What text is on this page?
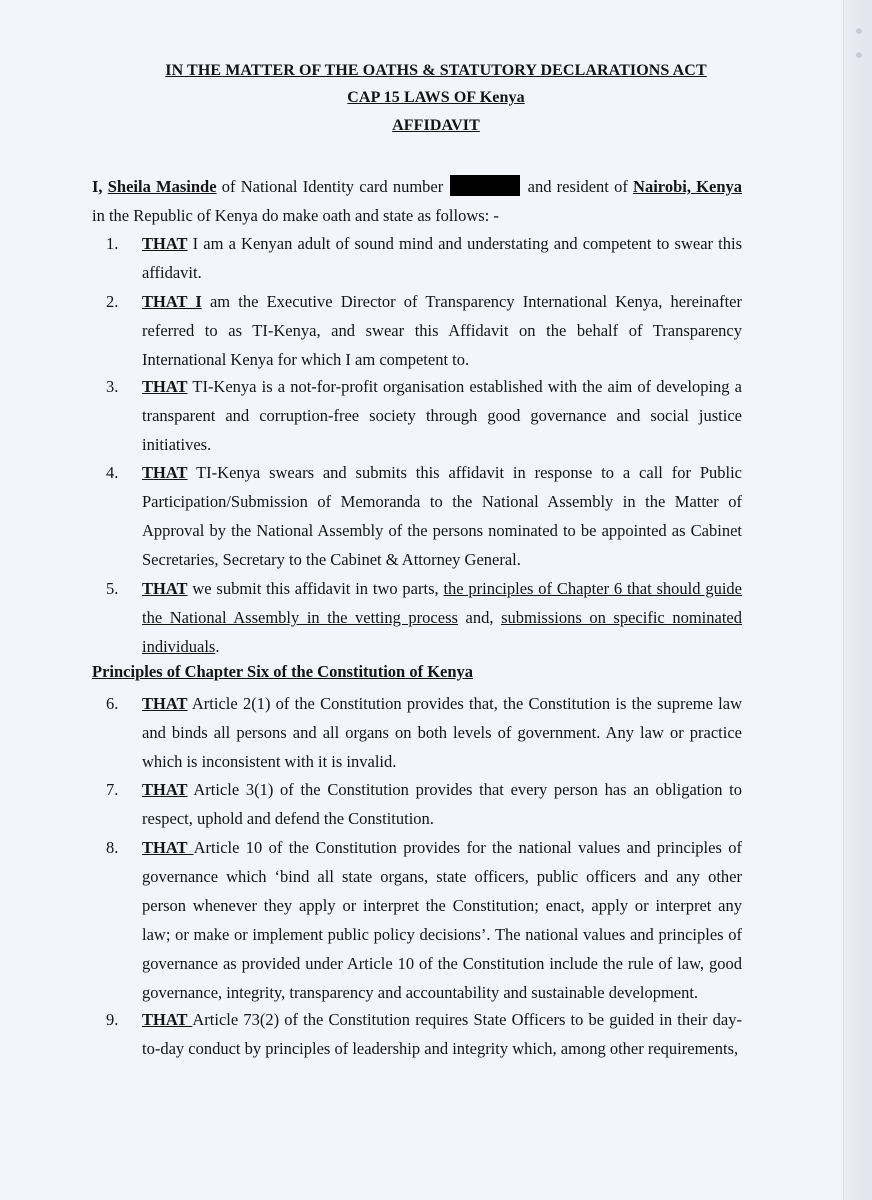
IN THE MATTER OF THE OATHS & STATUTORY DECLARATIONS ACT
CAP 15 LAWS OF Kenya
AFFIDAVIT
I, Sheila Masinde of National Identity card number	and resident of Nairobi, Kenya in the Republic of Kenya do make oath and state as follows: -
1. THAT I am a Kenyan adult of sound mind and understating and competent to swear this affidavit.
2. THAT I am the Executive Director of Transparency International Kenya, hereinafter referred to as TI-Kenya, and swear this Affidavit on the behalf of Transparency International Kenya for which I am competent to.
3. THAT TI-Kenya is a not-for-profit organisation established with the aim of developing a transparent and corruption-free society through good governance and social justice initiatives.
4. THAT TI-Kenya swears and submits this affidavit in response to a call for Public Participation/Submission of Memoranda to the National Assembly in the Matter of Approval by the National Assembly of the persons nominated to be appointed as Cabinet Secretaries, Secretary to the Cabinet & Attorney General.
5. THAT we submit this affidavit in two parts, the principles of Chapter 6 that should guide the National Assembly in the vetting process and, submissions on specific nominated individuals.
Principles of Chapter Six of the Constitution of Kenya
6. THAT Article 2(1) of the Constitution provides that, the Constitution is the supreme law and binds all persons and all organs on both levels of government. Any law or practice which is inconsistent with it is invalid.
7. THAT Article 3(1) of the Constitution provides that every person has an obligation to respect, uphold and defend the Constitution.
8. THAT Article 10 of the Constitution provides for the national values and principles of governance which ‘bind all state organs, state officers, public officers and any other person whenever they apply or interpret the Constitution; enact, apply or interpret any law; or make or implement public policy decisions’. The national values and principles of governance as provided under Article 10 of the Constitution include the rule of law, good governance, integrity, transparency and accountability and sustainable development.
9. THAT Article 73(2) of the Constitution requires State Officers to be guided in their day-to-day conduct by principles of leadership and integrity which, among other requirements,
